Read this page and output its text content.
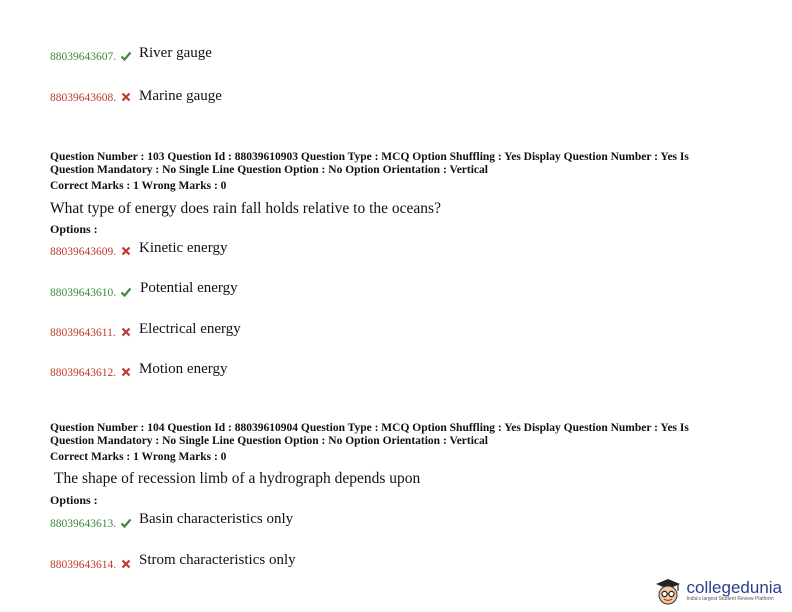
88039643607.	River gauge
88039643608.	Marine gauge
Question Number : 103 Question Id : 88039610903 Question Type : MCQ Option Shuffling : Yes Display Question Number : Yes Is
Question Mandatory : No Single Line Question Option : No Option Orientation : Vertical
Correct Marks : 1 Wrong Marks : 0
What type of energy does rain fall holds relative to the oceans?
Options :
88039643609.	Kinetic energy
88039643610.	Potential energy
88039643611.	Electrical energy
88039643612.	Motion energy
Question Number : 104 Question Id : 88039610904 Question Type : MCQ Option Shuffling : Yes Display Question Number : Yes Is
Question Mandatory : No Single Line Question Option : No Option Orientation : Vertical
Correct Marks : 1 Wrong Marks : 0
The shape of recession limb of a hydrograph depends upon
Options :
88039643613.	Basin characteristics only
88039643614.	Strom characteristics only
collegedunia
India's largest Student Review Platform
